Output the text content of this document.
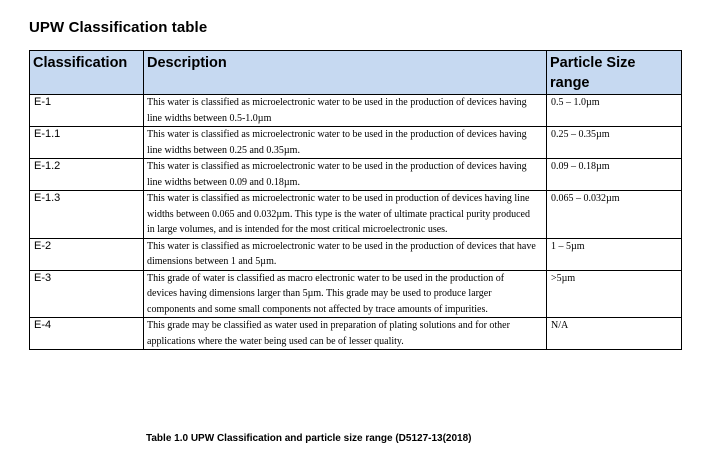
UPW Classification table
Classification	Description	Particle Size range
E-1	This water is classified as microelectronic water to be used in the production of devices having line widths between 0.5-1.0µm	0.5 – 1.0µm
E-1.1	This water is classified as microelectronic water to be used in the production of devices having line widths between 0.25 and 0.35µm.	0.25 – 0.35µm
E-1.2	This water is classified as microelectronic water to be used in the production of devices having line widths between 0.09 and 0.18µm.	0.09 – 0.18µm
E-1.3	This water is classified as microelectronic water to be used in production of devices having line widths between 0.065 and 0.032µm. This type is the water of ultimate practical purity produced in large volumes, and is intended for the most critical microelectronic uses.	0.065 – 0.032µm
E-2	This water is classified as microelectronic water to be used in the production of devices that have dimensions between 1 and 5µm.	1 – 5µm
E-3	This grade of water is classified as macro electronic water to be used in the production of devices having dimensions larger than 5µm. This grade may be used to produce larger components and some small components not affected by trace amounts of impurities.	>5µm
E-4	This grade may be classified as water used in preparation of plating solutions and for other applications where the water being used can be of lesser quality.	N/A
Table 1.0 UPW Classification and particle size range (D5127-13(2018)
